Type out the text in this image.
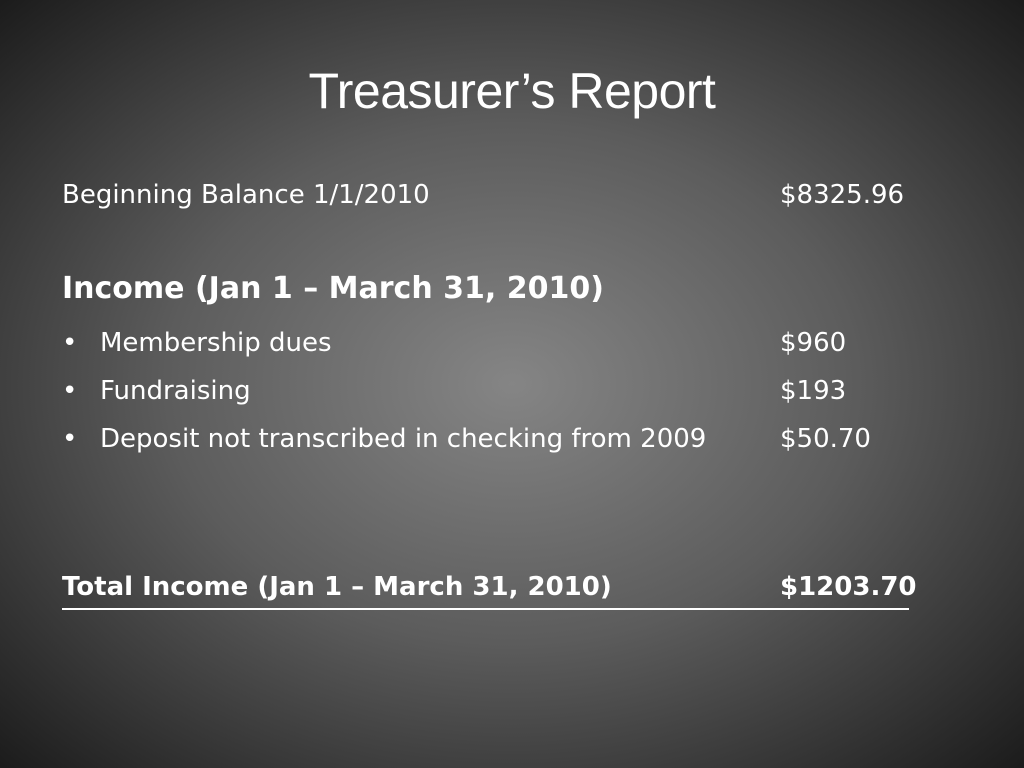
Treasurer’s Report
Beginning Balance 1/1/2010	$8325.96
Income (Jan 1 – March 31, 2010)
• Membership dues	$960
• Fundraising	$193
• Deposit not transcribed in checking from 2009	$50.70
Total Income (Jan 1 – March 31, 2010)	$1203.70
